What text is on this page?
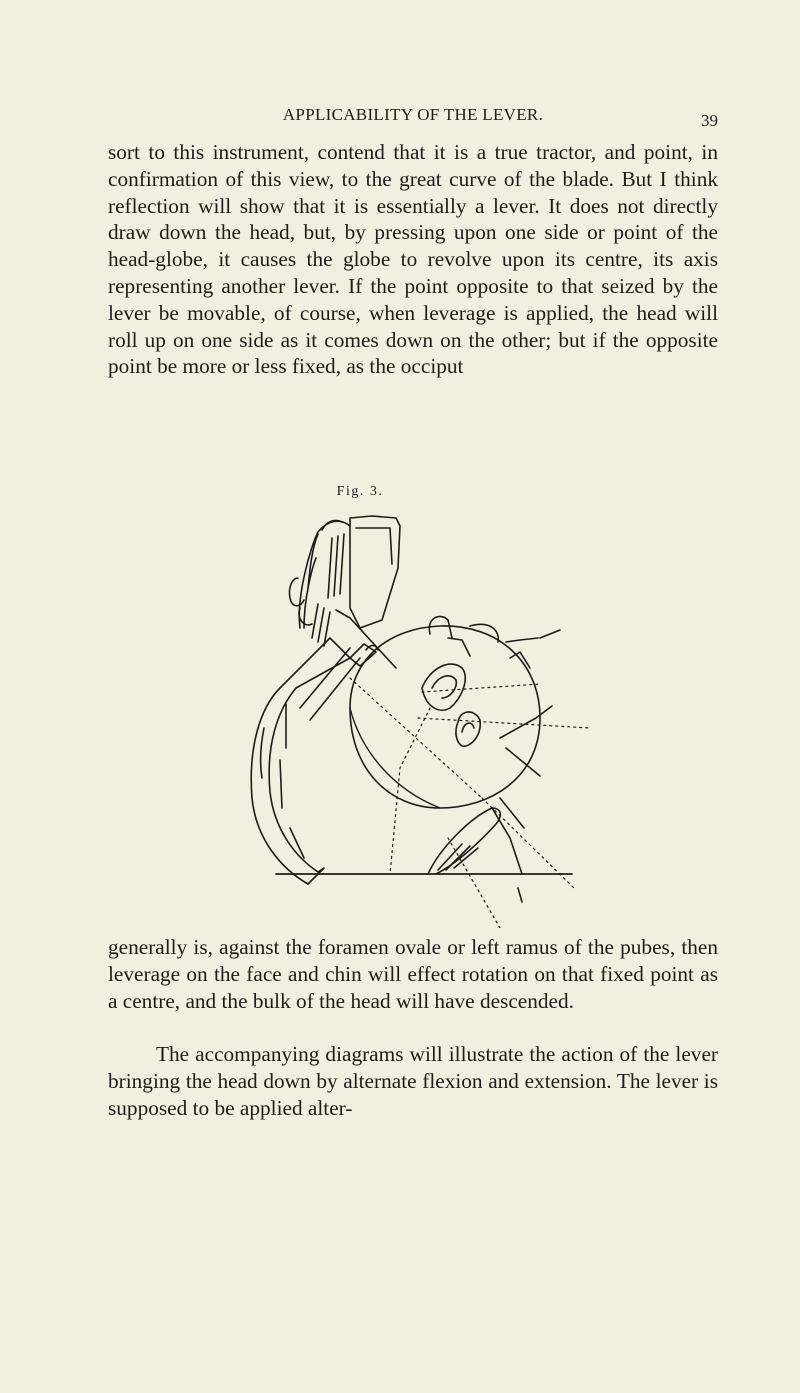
APPLICABILITY OF THE LEVER.	39

sort to this instrument, contend that it is a true tractor, and point, in confirmation of this view, to the great curve of the blade. But I think reflection will show that it is essentially a lever. It does not directly draw down the head, but, by pressing upon one side or point of the head-globe, it causes the globe to revolve upon its centre, its axis representing another lever. If the point opposite to that seized by the lever be movable, of course, when leverage is applied, the head will roll up on one side as it comes down on the other; but if the opposite point be more or less fixed, as the occiput

Fig. 3.

generally is, against the foramen ovale or left ramus of the pubes, then leverage on the face and chin will effect rotation on that fixed point as a centre, and the bulk of the head will have descended.

The accompanying diagrams will illustrate the action of the lever bringing the head down by alternate flexion and extension. The lever is supposed to be applied alter-
